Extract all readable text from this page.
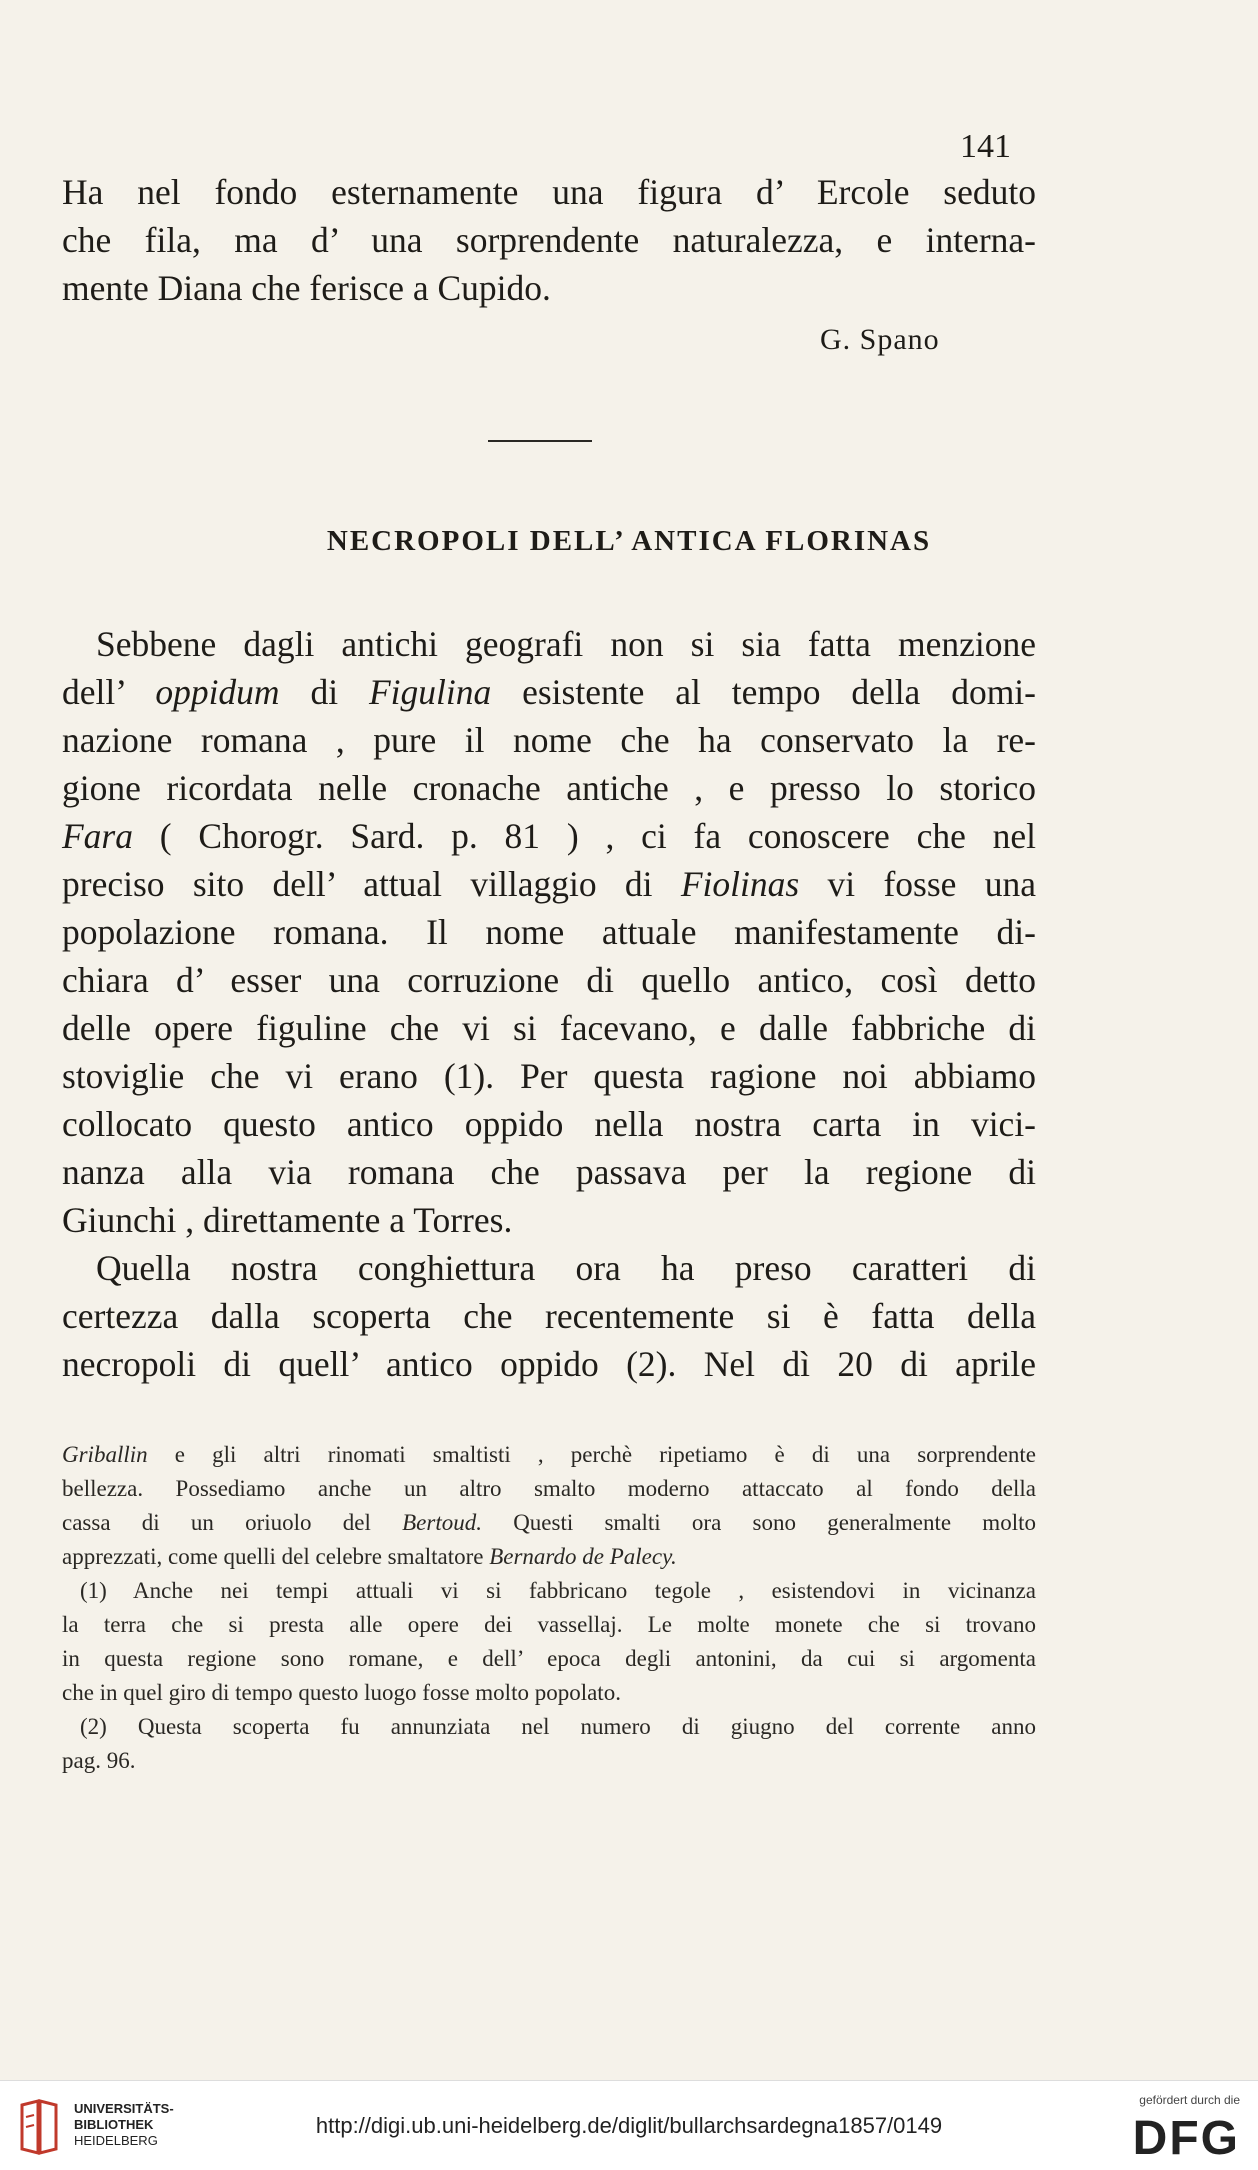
141
Ha nel fondo esternamente una figura d’ Ercole seduto
che fila, ma d’ una sorprendente naturalezza, e interna-
mente Diana che ferisce a Cupido.
G. Spano
NECROPOLI DELL’ ANTICA FLORINAS
Sebbene dagli antichi geografi non si sia fatta menzione
dell’ oppidum di Figulina esistente al tempo della domi-
nazione romana , pure il nome che ha conservato la re-
gione ricordata nelle cronache antiche , e presso lo storico
Fara ( Chorogr. Sard. p. 81 ) , ci fa conoscere che nel
preciso sito dell’ attual villaggio di Fiolinas vi fosse una
popolazione romana. Il nome attuale manifestamente di-
chiara d’ esser una corruzione di quello antico, così detto
delle opere figuline che vi si facevano, e dalle fabbriche di
stoviglie che vi erano (1). Per questa ragione noi abbiamo
collocato questo antico oppido nella nostra carta in vici-
nanza alla via romana che passava per la regione di
Giunchi , direttamente a Torres.
Quella nostra conghiettura ora ha preso caratteri di
certezza dalla scoperta che recentemente si è fatta della
necropoli di quell’ antico oppido (2). Nel dì 20 di aprile
Griballin e gli altri rinomati smaltisti , perchè ripetiamo è di una sorprendente
bellezza. Possediamo anche un altro smalto moderno attaccato al fondo della
cassa di un oriuolo del Bertoud. Questi smalti ora sono generalmente molto
apprezzati, come quelli del celebre smaltatore Bernardo de Palecy.
(1) Anche nei tempi attuali vi si fabbricano tegole , esistendovi in vicinanza
la terra che si presta alle opere dei vassellaj. Le molte monete che si trovano
in questa regione sono romane, e dell’ epoca degli antonini, da cui si argomenta
che in quel giro di tempo questo luogo fosse molto popolato.
(2) Questa scoperta fu annunziata nel numero di giugno del corrente anno
pag. 96.
UNIVERSITÄTS-
BIBLIOTHEK
HEIDELBERG
http://digi.ub.uni-heidelberg.de/diglit/bullarchsardegna1857/0149
gefördert durch die
DFG
